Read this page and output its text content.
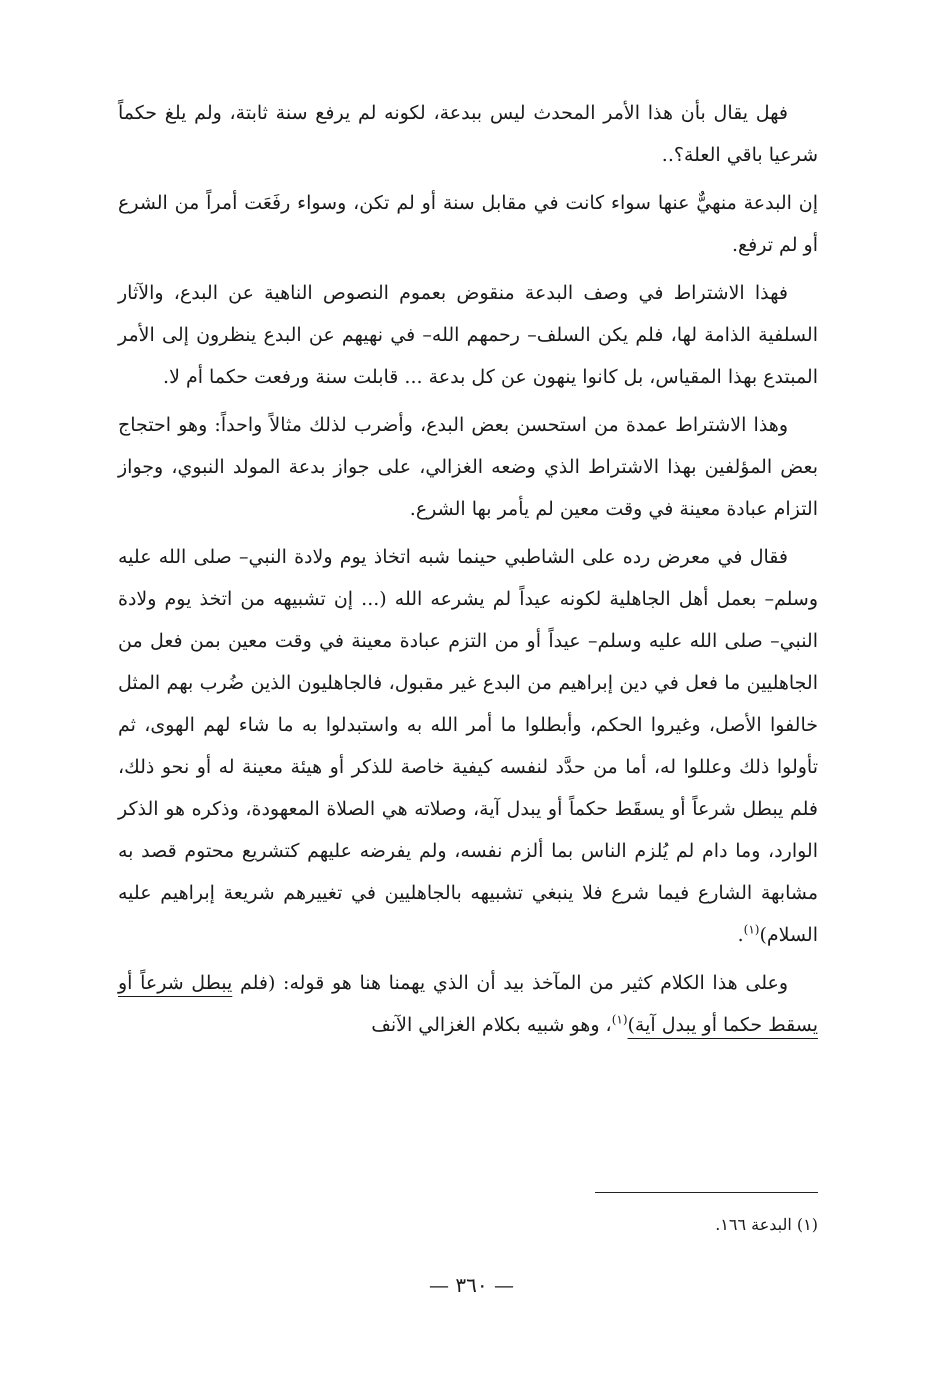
فهل يقال بأن هذا الأمر المحدث ليس ببدعة، لكونه لم يرفع سنة ثابتة، ولم يلغ حكماً شرعيا باقي العلة؟..

إن البدعة منهيٌّ عنها سواء كانت في مقابل سنة أو لم تكن، وسواء رفَعَت أمراً من الشرع أو لم ترفع.

فهذا الاشتراط في وصف البدعة منقوض بعموم النصوص الناهية عن البدع، والآثار السلفية الذامة لها، فلم يكن السلف– رحمهم الله– في نهيهم عن البدع ينظرون إلى الأمر المبتدع بهذا المقياس، بل كانوا ينهون عن كل بدعة ... قابلت سنة ورفعت حكما أم لا.

وهذا الاشتراط عمدة من استحسن بعض البدع، وأضرب لذلك مثالاً واحداً: وهو احتجاج بعض المؤلفين بهذا الاشتراط الذي وضعه الغزالي، على جواز بدعة المولد النبوي، وجواز التزام عبادة معينة في وقت معين لم يأمر بها الشرع.

فقال في معرض رده على الشاطبي حينما شبه اتخاذ يوم ولادة النبي– صلى الله عليه وسلم– بعمل أهل الجاهلية لكونه عيداً لم يشرعه الله (... إن تشبيهه من اتخذ يوم ولادة النبي– صلى الله عليه وسلم– عيداً أو من التزم عبادة معينة في وقت معين بمن فعل من الجاهليين ما فعل في دين إبراهيم من البدع غير مقبول، فالجاهليون الذين ضُرب بهم المثل خالفوا الأصل، وغيروا الحكم، وأبطلوا ما أمر الله به واستبدلوا به ما شاء لهم الهوى، ثم تأولوا ذلك وعللوا له، أما من حدَّد لنفسه كيفية خاصة للذكر أو هيئة معينة له أو نحو ذلك، فلم يبطل شرعاً أو يسقَط حكماً أو يبدل آية، وصلاته هي الصلاة المعهودة، وذكره هو الذكر الوارد، وما دام لم يُلزم الناس بما ألزم نفسه، ولم يفرضه عليهم كتشريع محتوم قصد به مشابهة الشارع فيما شرع فلا ينبغي تشبيهه بالجاهليين في تغييرهم شريعة إبراهيم عليه السلام)$^{(١)}$.

وعلى هذا الكلام كثير من المآخذ بيد أن الذي يهمنا هنا هو قوله: (فلم يبطل شرعاً أو يسقط حكما أو يبدل آية)$^{(١)}$، وهو شبيه بكلام الغزالي الآنف

(١) البدعة ١٦٦.
— ٣٦٠ —
